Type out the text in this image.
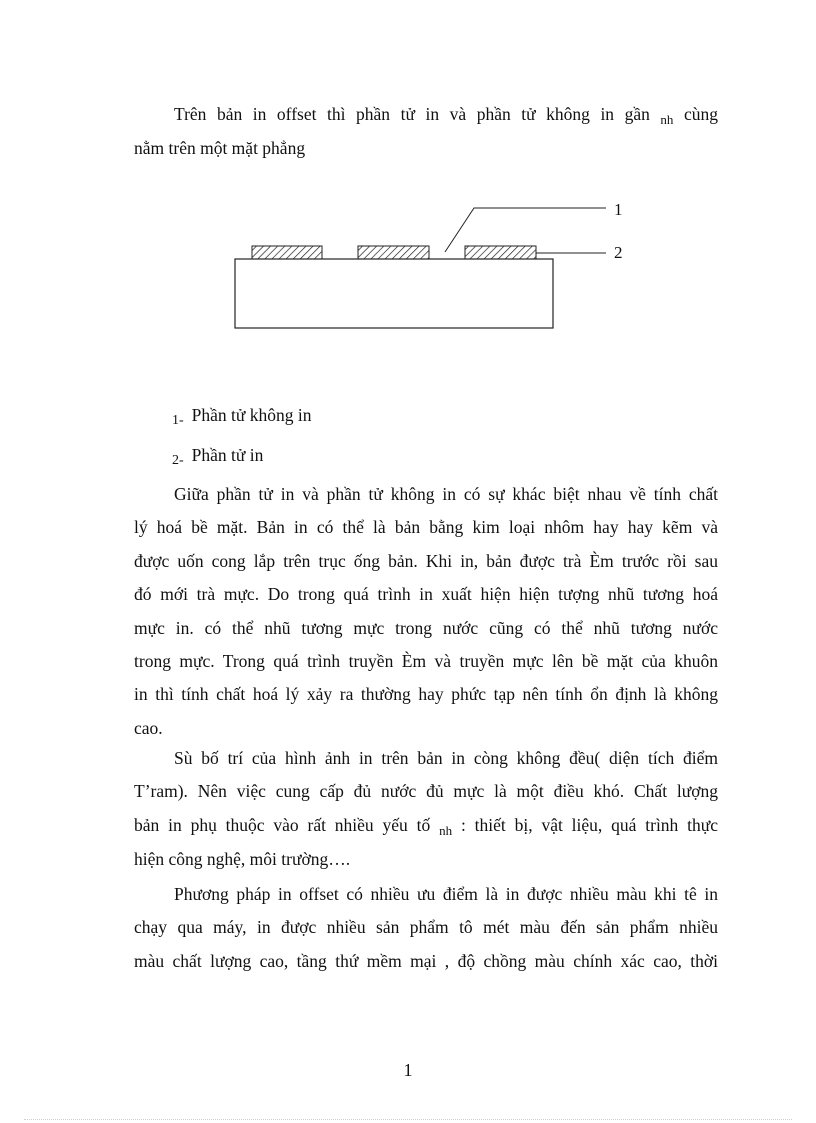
Trên bản in offset thì phần tử in và phần tử không in gần $_{nh}$ cùng
nằm trên một mặt phẳng
1
2
1- Phần tử không in
2- Phần tử in
Giữa phần tử in và phần tử không in có sự khác biệt nhau về tính chất
lý hoá bề mặt. Bản in có thể là bản bằng kim loại nhôm hay hay kẽm và
được uốn cong lắp trên trục ống bản. Khi in, bản được trà Èm trước rồi sau
đó mới trà mực. Do trong quá trình in xuất hiện hiện tượng nhũ tương hoá
mực in. có thể nhũ tương mực trong nước cũng có thể nhũ tương nước
trong mực. Trong quá trình truyền Èm và truyền mực lên bề mặt của khuôn
in thì tính chất hoá lý xảy ra thường hay phức tạp nên tính ổn định là không
cao.
Sù bố trí của hình ảnh in trên bản in còng không đều( diện tích điểm
T’ram). Nên việc cung cấp đủ nước đủ mực là một điều khó. Chất lượng
bản in phụ thuộc vào rất nhiều yếu tố $_{nh}$ : thiết bị, vật liệu, quá trình thực
hiện công nghệ, môi trường….
Phương pháp in offset có nhiều ưu điểm là in được nhiều màu khi tê in
chạy qua máy, in được nhiều sản phẩm tô mét màu đến sản phẩm nhiều
màu chất lượng cao, tầng thứ mềm mại , độ chồng màu chính xác cao, thời
1
